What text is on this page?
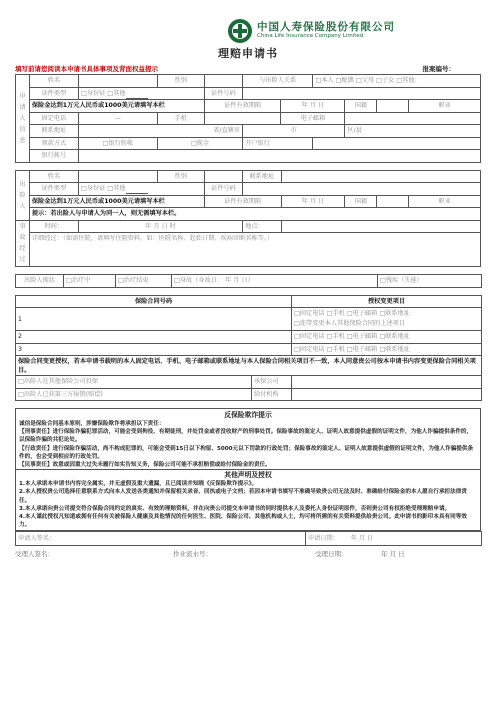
中国人寿保险股份有限公司
China Life Insurance Company Limited
理赔申请书
填写前请您阅读本申请书具体事项及背面权益提示	报案编号：
申请人信息	姓名		性别		与出险人关系		□本人 □配偶 □父母 □子女 □其他：			
	证件类型	□身份证 □其他		证件号码						
	保险金达到1万元人民币或1000美元请填写本栏			证件有效期限		年 月 日		国籍		职业
	固定电话	—	手机			电子邮箱				
	联系地址	省/直辖市			市			区/县		
	领款方式	□银行转帐	□现金		开户银行					
	银行帐号									
出险人	姓名		性别		联系地址				
	证件类型	□身份证 □其他		证件号码					
	保险金达到1万元人民币或1000美元请填写本栏			证件有效期限		年 月 日	国籍		职业
	提示：若出险人与申请人为同一人，则无需填写本栏。								
事故经过	时间：	年 月 日 时			地点：				
	详细经过：（如需住院，请填写住院资料，如：医院名称、起始日期、疾病诊断名称等。）								
出险人现状	□治疗中	□治疗结束	□身故（身故日： 年 月 日）	□残疾（失能）
保险合同号码		授权变更项目
1		□固定电话 □手机 □电子邮箱 □联系地址
□连带变更本人其他保险合同的上述项目

2		□固定电话 □手机 □电子邮箱 □联系地址
3		□固定电话 □手机 □电子邮箱 □联系地址
保险合同变更授权，若本申请书载明的本人固定电话、手机、电子邮箱或联系地址与本人保险合同相关项目不一致，本人同意贵公司按本申请书内容变更保险合同相关项目。		
□出险人在其他保险公司投保	承保公司	
□出险人已获第三方报销(赔偿)	给付机构	
反保险欺诈提示

诚信是保险合同基本原则，涉嫌保险欺诈将承担以下责任：

【刑事责任】进行保险诈骗犯罪活动，可能会受到拘役、有期徒刑，并处罚金或者没收财产的刑事处罚。保险事故的鉴定人、证明人故意提供虚假的证明文件，为他人诈骗提供条件的，以保险诈骗的共犯论处。

【行政责任】进行保险诈骗活动，尚不构成犯罪的，可能会受到15日以下拘留、5000元以下罚款的行政处罚；保险事故的鉴定人、证明人故意提供虚假的证明文件，为他人诈骗提供条件的，也会受到相应的行政处罚。

【民事责任】故意或因重大过失未履行如实告知义务，保险公司可能不承担赔偿或给付保险金的责任。

其他声明及授权

1.本人承诺本申请书内容完全属实，并无虚假及重大遗漏，且已阅读并知晓《反保险欺诈提示》。

2.本人授权贵公司选择任意联系方式向本人发送各类通知并保留相关录音、回执或电子文档；若因本申请书填写不准确导致贵公司无法及时、准确给付保险金的本人愿自行承担法律责任。

3.本人承诺向贵公司提交符合保险合同约定的真实、有效的理赔资料，并在向贵公司提交本申请书的同时提供本人及委托人身份证明原件，否则贵公司有权拒绝受理理赔申请。

4.本人谨此授权凡知道或拥有任何有关被保险人健康及其他情况的任何医生、医院、保险公司、其他机构或人士，均可将所需的有关资料提供给贵公司。此申请书的影印本具有同等效力。

申请人签名：	申请日期： 年 月 日
受理人签名：	作业流水号：	受理日期：	年 月 日
